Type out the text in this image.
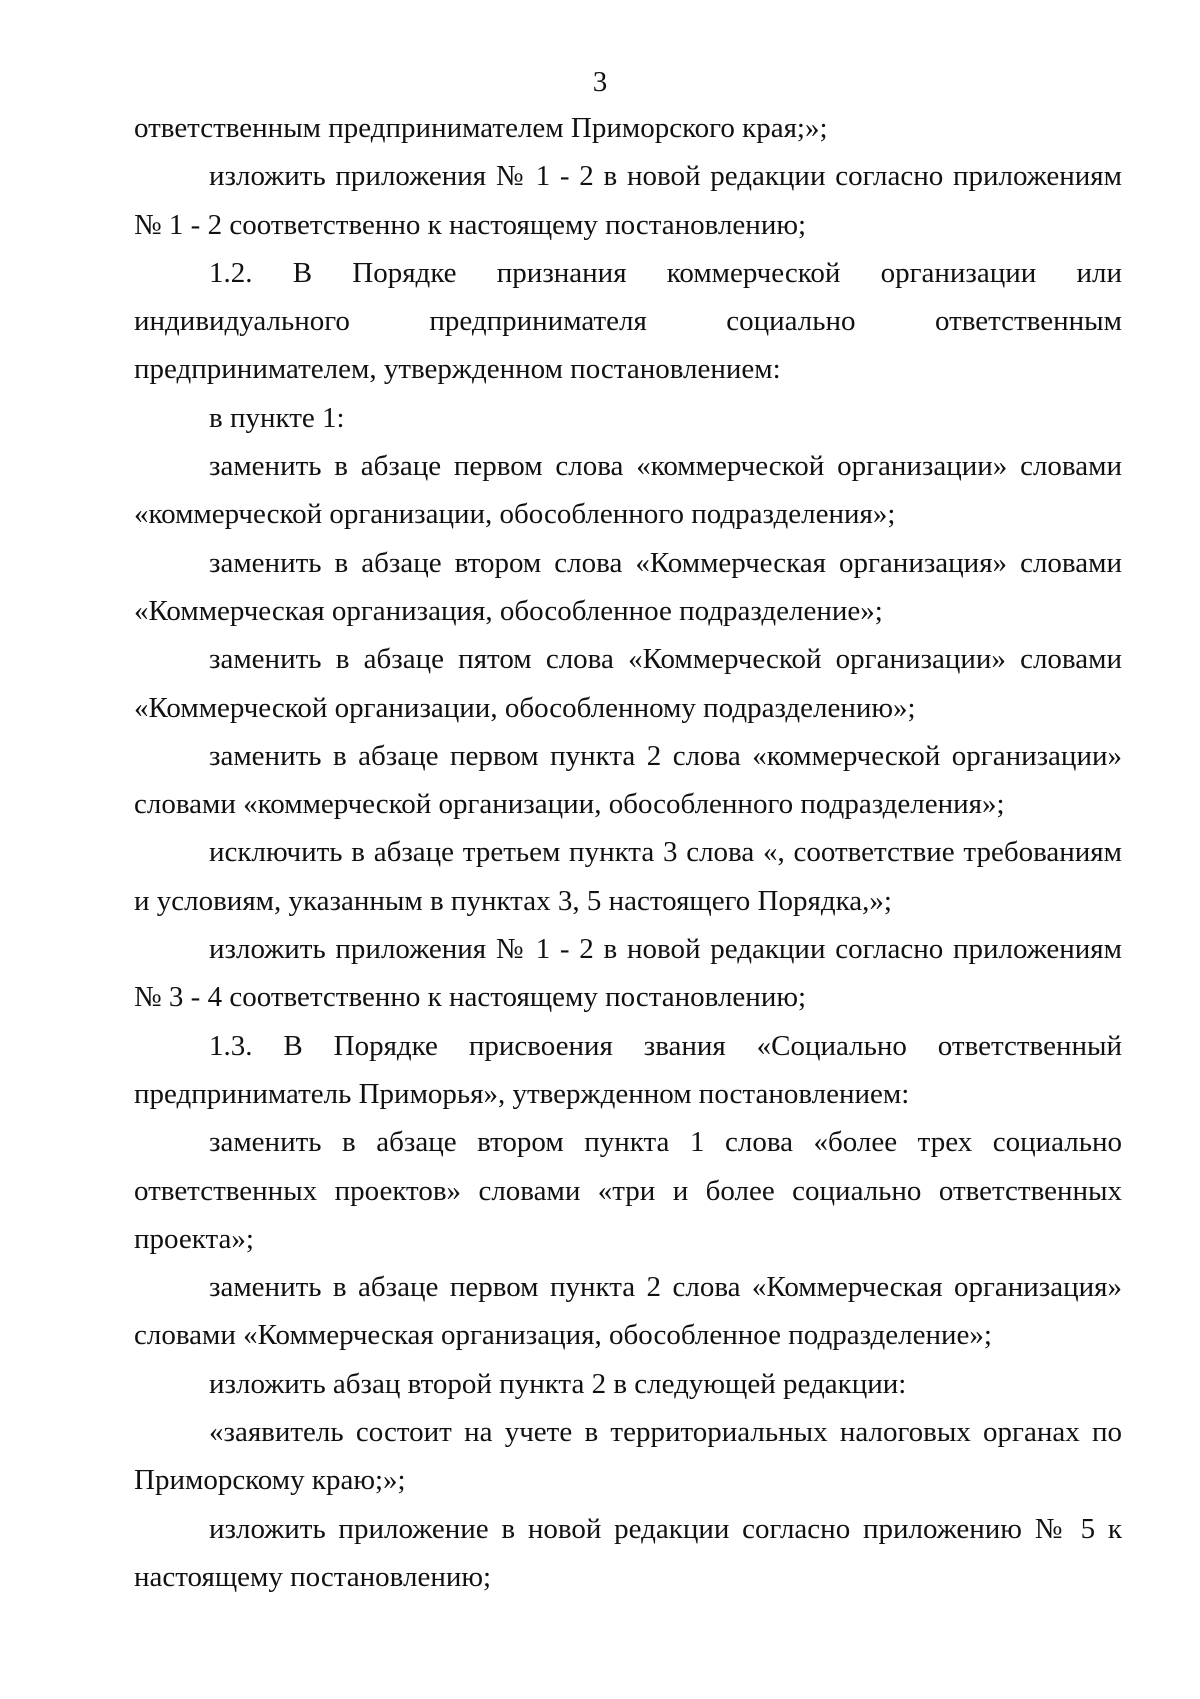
3

ответственным предпринимателем Приморского края;»;

изложить приложения № 1 - 2 в новой редакции согласно приложениям № 1 - 2 соответственно к настоящему постановлению;

1.2. В Порядке признания коммерческой организации или индивидуального предпринимателя социально ответственным предпринимателем, утвержденном постановлением:

в пункте 1:

заменить в абзаце первом слова «коммерческой организации» словами «коммерческой организации, обособленного подразделения»;

заменить в абзаце втором слова «Коммерческая организация» словами «Коммерческая организация, обособленное подразделение»;

заменить в абзаце пятом слова «Коммерческой организации» словами «Коммерческой организации, обособленному подразделению»;

заменить в абзаце первом пункта 2 слова «коммерческой организации» словами «коммерческой организации, обособленного подразделения»;

исключить в абзаце третьем пункта 3 слова «, соответствие требованиям и условиям, указанным в пунктах 3, 5 настоящего Порядка,»;

изложить приложения № 1 - 2 в новой редакции согласно приложениям № 3 - 4 соответственно к настоящему постановлению;

1.3. В Порядке присвоения звания «Социально ответственный предприниматель Приморья», утвержденном постановлением:

заменить в абзаце втором пункта 1 слова «более трех социально ответственных проектов» словами «три и более социально ответственных проекта»;

заменить в абзаце первом пункта 2 слова «Коммерческая организация» словами «Коммерческая организация, обособленное подразделение»;

изложить абзац второй пункта 2 в следующей редакции:

«заявитель состоит на учете в территориальных налоговых органах по Приморскому краю;»;

изложить приложение в новой редакции согласно приложению № 5 к настоящему постановлению;
